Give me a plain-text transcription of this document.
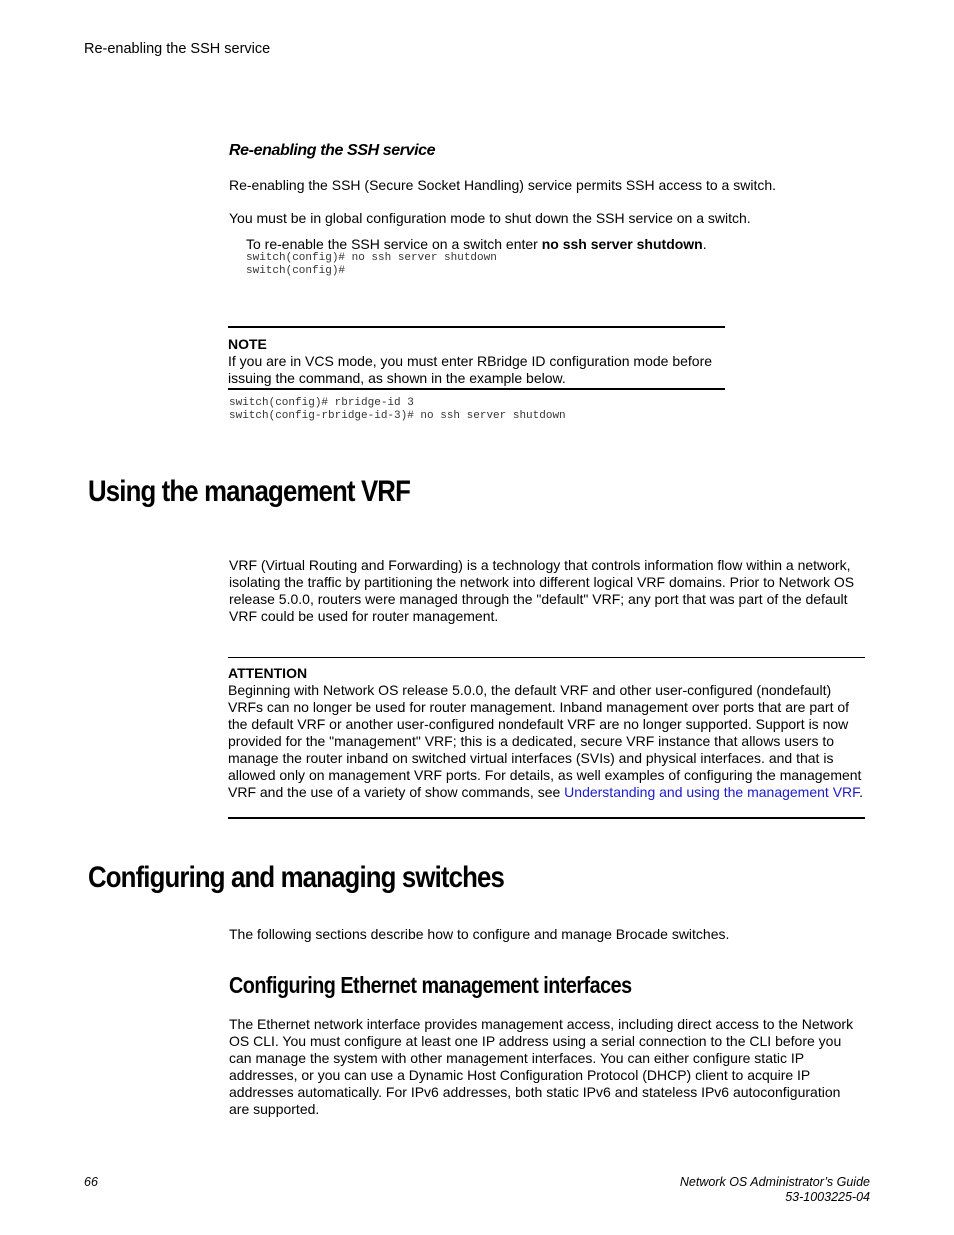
Re-enabling the SSH service
Re-enabling the SSH service
Re-enabling the SSH (Secure Socket Handling) service permits SSH access to a switch.
You must be in global configuration mode to shut down the SSH service on a switch.
To re-enable the SSH service on a switch enter no ssh server shutdown.
switch(config)# no ssh server shutdown
switch(config)#
NOTE
If you are in VCS mode, you must enter RBridge ID configuration mode before issuing the command, as shown in the example below.
switch(config)# rbridge-id 3
switch(config-rbridge-id-3)# no ssh server shutdown
Using the management VRF
VRF (Virtual Routing and Forwarding) is a technology that controls information flow within a network, isolating the traffic by partitioning the network into different logical VRF domains. Prior to Network OS release 5.0.0, routers were managed through the "default" VRF; any port that was part of the default VRF could be used for router management.
ATTENTION
Beginning with Network OS release 5.0.0, the default VRF and other user-configured (nondefault) VRFs can no longer be used for router management. Inband management over ports that are part of the default VRF or another user-configured nondefault VRF are no longer supported. Support is now provided for the "management" VRF; this is a dedicated, secure VRF instance that allows users to manage the router inband on switched virtual interfaces (SVIs) and physical interfaces. and that is allowed only on management VRF ports. For details, as well examples of configuring the management VRF and the use of a variety of show commands, see Understanding and using the management VRF.
Configuring and managing switches
The following sections describe how to configure and manage Brocade switches.
Configuring Ethernet management interfaces
The Ethernet network interface provides management access, including direct access to the Network OS CLI. You must configure at least one IP address using a serial connection to the CLI before you can manage the system with other management interfaces. You can either configure static IP addresses, or you can use a Dynamic Host Configuration Protocol (DHCP) client to acquire IP addresses automatically. For IPv6 addresses, both static IPv6 and stateless IPv6 autoconfiguration are supported.
66	Network OS Administrator’s Guide
53-1003225-04
